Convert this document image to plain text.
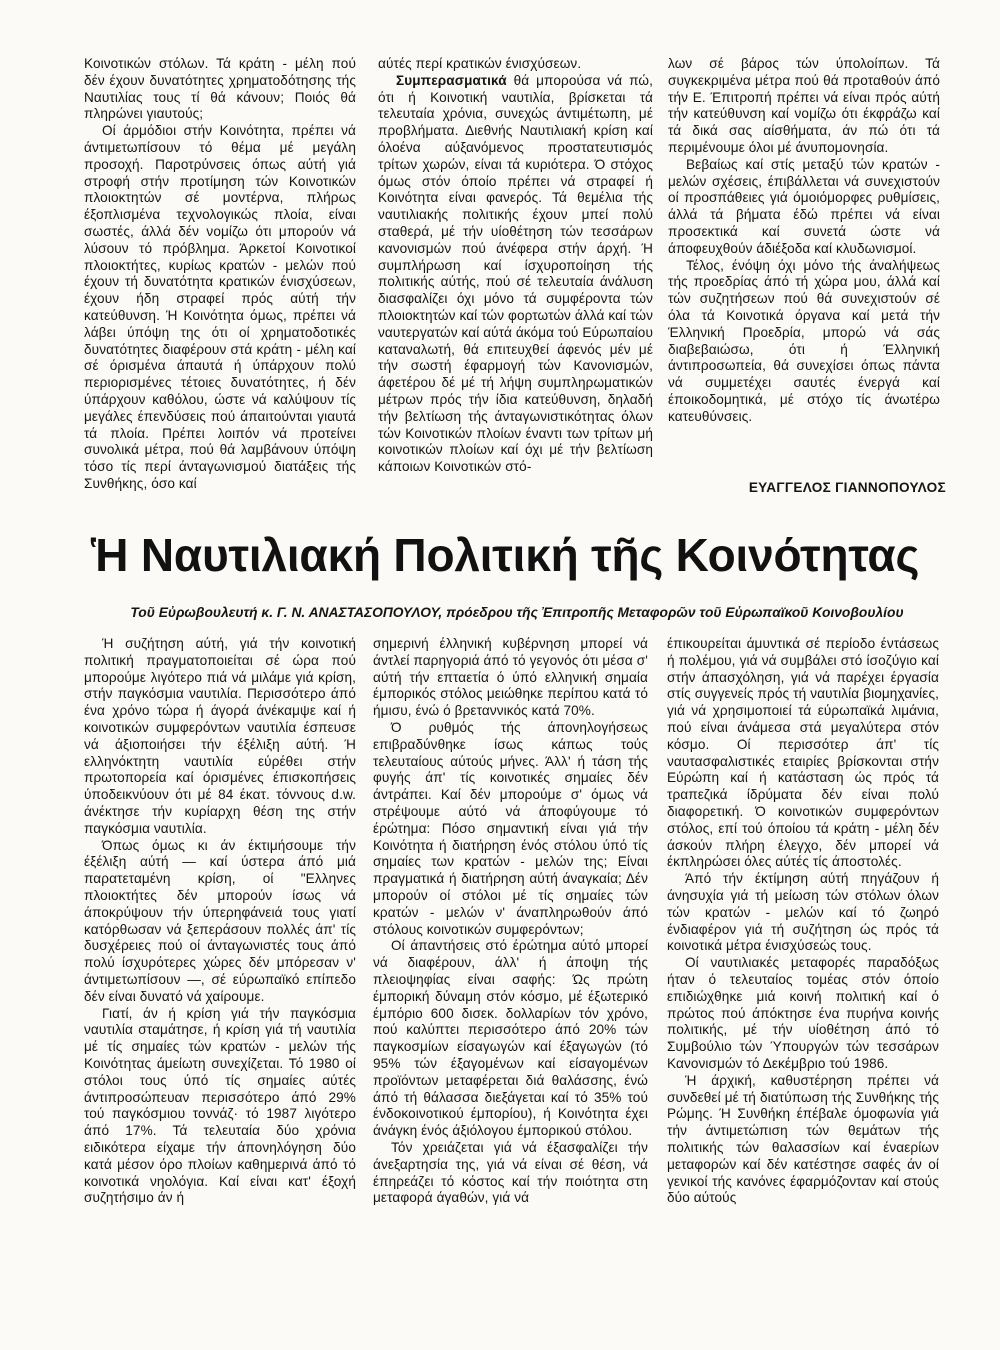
Κοινοτικών στόλων. Τά κράτη - μέλη πού δέν έχουν δυνατότητες χρηματοδότησης τής Ναυτιλίας τους τί θά κάνουν; Ποιός θά πληρώνει γιαυτούς;

Οί άρμόδιοι στήν Κοινότητα, πρέπει νά άντιμετωπίσουν τό θέμα μέ μεγάλη προσοχή. Παροτρύνσεις όπως αύτή γιά στροφή στήν προτίμηση τών Κοινοτικών πλοιοκτητών σέ μοντέρνα, πλήρως έξοπλισμένα τεχνολογικώς πλοία, είναι σωστές, άλλά δέν νομίζω ότι μπορούν νά λύσουν τό πρόβλημα. Άρκετοί Κοινοτικοί πλοιοκτήτες, κυρίως κρατών - μελών πού έχουν τή δυνατότητα κρατικών ένισχύσεων, έχουν ήδη στραφεί πρός αύτή τήν κατεύθυνση. Ή Κοινότητα όμως, πρέπει νά λάβει ύπόψη της ότι οί χρηματοδοτικές δυνατότητες διαφέρουν στά κράτη - μέλη καί σέ όρισμένα άπαυτά ή ύπάρχουν πολύ περιορισμένες τέτοιες δυνατότητες, ή δέν ύπάρχουν καθόλου, ώστε νά καλύψουν τίς μεγάλες έπενδύσεις πού άπαιτούνται γιαυτά τά πλοία. Πρέπει λοιπόν νά προτείνει συνολικά μέτρα, πού θά λαμβάνουν ύπόψη τόσο τίς περί άνταγωνισμού διατάξεις τής Συνθήκης, όσο καί

αύτές περί κρατικών ένισχύσεων.

Συμπερασματικά θά μπορούσα νά πώ, ότι ή Κοινοτική ναυτιλία, βρίσκεται τά τελευταία χρόνια, συνεχώς άντιμέτωπη, μέ προβλήματα. Διεθνής Ναυτιλιακή κρίση καί όλοένα αύξανόμενος προστατευτισμός τρίτων χωρών, είναι τά κυριότερα. Ό στόχος όμως στόν όποίο πρέπει νά στραφεί ή Κοινότητα είναι φανερός. Τά θεμέλια τής ναυτιλιακής πολιτικής έχουν μπεί πολύ σταθερά, μέ τήν υίοθέτηση τών τεσσάρων κανονισμών πού άνέφερα στήν άρχή. Ή συμπλήρωση καί ίσχυροποίηση τής πολιτικής αύτής, πού σέ τελευταία άνάλυση διασφαλίζει όχι μόνο τά συμφέροντα τών πλοιοκτητών καί τών φορτωτών άλλά καί τών ναυτεργατών καί αύτά άκόμα τού Εύρωπαίου καταναλωτή, θά επιτευχθεί άφενός μέν μέ τήν σωστή έφαρμογή τών Κανονισμών, άφετέρου δέ μέ τή λήψη συμπληρωματικών μέτρων πρός τήν ίδια κατεύθυνση, δηλαδή τήν βελτίωση τής άνταγωνιστικότητας όλων τών Κοινοτικών πλοίων έναντι των τρίτων μή κοινοτικών πλοίων καί όχι μέ τήν βελτίωση κάποιων Κοινοτικών στό-

λων σέ βάρος τών ύπολοίπων. Τά συγκεκριμένα μέτρα πού θά προταθούν άπό τήν Ε. Έπιτροπή πρέπει νά είναι πρός αύτή τήν κατεύθυνση καί νομίζω ότι έκφράζω καί τά δικά σας αίσθήματα, άν πώ ότι τά περιμένουμε όλοι μέ άνυπομονησία.

Βεβαίως καί στίς μεταξύ τών κρατών - μελών σχέσεις, έπιβάλλεται νά συνεχιστούν οί προσπάθειες γιά όμοιόμορφες ρυθμίσεις, άλλά τά βήματα έδώ πρέπει νά είναι προσεκτικά καί συνετά ώστε νά άποφευχθούν άδιέξοδα καί κλυδωνισμοί.

Τέλος, ένόψη όχι μόνο τής άναλήψεως τής προεδρίας άπό τή χώρα μου, άλλά καί τών συζητήσεων πού θά συνεχιστούν σέ όλα τά Κοινοτικά όργανα καί μετά τήν Έλληνική Προεδρία, μπορώ νά σάς διαβεβαιώσω, ότι ή Έλληνική άντιπροσωπεία, θά συνεχίσει όπως πάντα νά συμμετέχει σαυτές ένεργά καί έποικοδομητικά, μέ στόχο τίς άνωτέρω κατευθύνσεις.

ΕΥΑΓΓΕΛΟΣ ΓΙΑΝΝΟΠΟΥΛΟΣ
Ἡ Ναυτιλιακή Πολιτική τῆς Κοινότητας

Τοῦ Εὐρωβουλευτή κ. Γ. Ν. ΑΝΑΣΤΑΣΟΠΟΥΛΟΥ, πρόεδρου τῆς Ἐπιτροπῆς Μεταφορῶν τοῦ Εὐρωπαϊκοῦ Κοινοβουλίου

Ή συζήτηση αύτή, γιά τήν κοινοτική πολιτική πραγματοποιείται σέ ώρα πού μπορούμε λιγότερο πιά νά μιλάμε γιά κρίση, στήν παγκόσμια ναυτιλία. Περισσότερο άπό ένα χρόνο τώρα ή άγορά άνέκαμψε καί ή κοινοτικών συμφερόντων ναυτιλία έσπευσε νά άξιοποιήσει τήν έξέλιξη αύτή. Ή ελληνόκτητη ναυτιλία εύρέθει στήν πρωτοπορεία καί όρισμένες έπισκοπήσεις ύποδεικνύουν ότι μέ 84 έκατ. τόννους d.w. άνέκτησε τήν κυρίαρχη θέση της στήν παγκόσμια ναυτιλία.

Όπως όμως κι άν έκτιμήσουμε τήν έξέλιξη αύτή — καί ύστερα άπό μιά παρατεταμένη κρίση, οί "Ελληνες πλοιοκτήτες δέν μπορούν ίσως νά άποκρύψουν τήν ύπερηφάνειά τους γιατί κατόρθωσαν νά ξεπεράσουν πολλές άπ' τίς δυσχέρειες πού οί άνταγωνιστές τους άπό πολύ ίσχυρότερες χώρες δέν μπόρεσαν ν' άντιμετωπίσουν —, σέ εύρωπαϊκό επίπεδο δέν είναι δυνατό νά χαίρουμε.

Γιατί, άν ή κρίση γιά τήν παγκόσμια ναυτιλία σταμάτησε, ή κρίση γιά τή ναυτιλία μέ τίς σημαίες τών κρατών - μελών τής Κοινότητας άμείωτη συνεχίζεται. Τό 1980 οί στόλοι τους ύπό τίς σημαίες αύτές άντιπροσώπευαν περισσότερο άπό 29% τού παγκόσμιου τοννάζ· τό 1987 λιγότερο άπό 17%. Τά τελευταία δύο χρόνια ειδικότερα είχαμε τήν άπονηλόγηση δύο κατά μέσον όρο πλοίων καθημερινά άπό τό κοινοτικά νηολόγια. Καί είναι κατ' έξοχή συζητήσιμο άν ή

σημερινή έλληνική κυβέρνηση μπορεί νά άντλεί παρηγοριά άπό τό γεγονός ότι μέσα σ' αύτή τήν επταετία ό ύπό ελληνική σημαία έμπορικός στόλος μειώθηκε περίπου κατά τό ήμισυ, ένώ ό βρεταννικός κατά 70%.

Ό ρυθμός τής άπονηλογήσεως επιβραδύνθηκε ίσως κάπως τούς τελευταίους αύτούς μήνες. Άλλ' ή τάση τής φυγής άπ' τίς κοινοτικές σημαίες δέν άντράπει. Καί δέν μπορούμε σ' όμως νά στρέψουμε αύτό νά άποφύγουμε τό έρώτημα: Πόσο σημαντική είναι γιά τήν Κοινότητα ή διατήρηση ένός στόλου ύπό τίς σημαίες των κρατών - μελών της; Είναι πραγματικά ή διατήρηση αύτή άναγκαία; Δέν μπορούν οί στόλοι μέ τίς σημαίες τών κρατών - μελών ν' άναπληρωθούν άπό στόλους κοινοτικών συμφερόντων;

Οί άπαντήσεις στό έρώτημα αύτό μπορεί νά διαφέρουν, άλλ' ή άποψη τής πλειοψηφίας είναι σαφής: Ώς πρώτη έμπορική δύναμη στόν κόσμο, μέ έξωτερικό έμπόριο 600 δισεκ. δολλαρίων τόν χρόνο, πού καλύπτει περισσότερο άπό 20% τών παγκοσμίων είσαγωγών καί έξαγωγών (τό 95% τών έξαγομένων καί είσαγομένων προϊόντων μεταφέρεται διά θαλάσσης, ένώ άπό τή θάλασσα διεξάγεται καί τό 35% τού ένδοκοινοτικού έμπορίου), ή Κοινότητα έχει άνάγκη ένός άξιόλογου έμπορικού στόλου.

Τόν χρειάζεται γιά νά έξασφαλίζει τήν άνεξαρτησία της, γιά νά είναι σέ θέση, νά έπηρεάζει τό κόστος καί τήν ποιότητα στη μεταφορά άγαθών, γιά νά

έπικουρείται άμυντικά σέ περίοδο έντάσεως ή πολέμου, γιά νά συμβάλει στό ίσοζύγιο καί στήν άπασχόληση, γιά νά παρέχει έργασία στίς συγγενείς πρός τή ναυτιλία βιομηχανίες, γιά νά χρησιμοποιεί τά εύρωπαϊκά λιμάνια, πού είναι άνάμεσα στά μεγαλύτερα στόν κόσμο. Οί περισσότερ άπ' τίς ναυτασφαλιστικές εταιρίες βρίσκονται στήν Εύρώπη καί ή κατάσταση ώς πρός τά τραπεζικά ίδρύματα δέν είναι πολύ διαφορετική. Ό κοινοτικών συμφερόντων στόλος, επί τού όποίου τά κράτη - μέλη δέν άσκούν πλήρη έλεγχο, δέν μπορεί νά έκπληρώσει όλες αύτές τίς άποστολές.

Άπό τήν έκτίμηση αύτή πηγάζουν ή άνησυχία γιά τή μείωση τών στόλων όλων τών κρατών - μελών καί τό ζωηρό ένδιαφέρον γιά τή συζήτηση ώς πρός τά κοινοτικά μέτρα ένισχύσεώς τους.

Οί ναυτιλιακές μεταφορές παραδόξως ήταν ό τελευταίος τομέας στόν όποίο επιδιώχθηκε μιά κοινή πολιτική καί ό πρώτος πού άπόκτησε ένα πυρήνα κοινής πολιτικής, μέ τήν υίοθέτηση άπό τό Συμβούλιο τών Ύπουργών τών τεσσάρων Κανονισμών τό Δεκέμβριο τού 1986.

Ή άρχική, καθυστέρηση πρέπει νά συνδεθεί μέ τή διατύπωση τής Συνθήκης τής Ρώμης. Ή Συνθήκη έπέβαλε όμοφωνία γιά τήν άντιμετώπιση τών θεμάτων τής πολιτικής τών θαλασσίων καί έναερίων μεταφορών καί δέν κατέστησε σαφές άν οί γενικοί τής κανόνες έφαρμόζονταν καί στούς δύο αύτούς
